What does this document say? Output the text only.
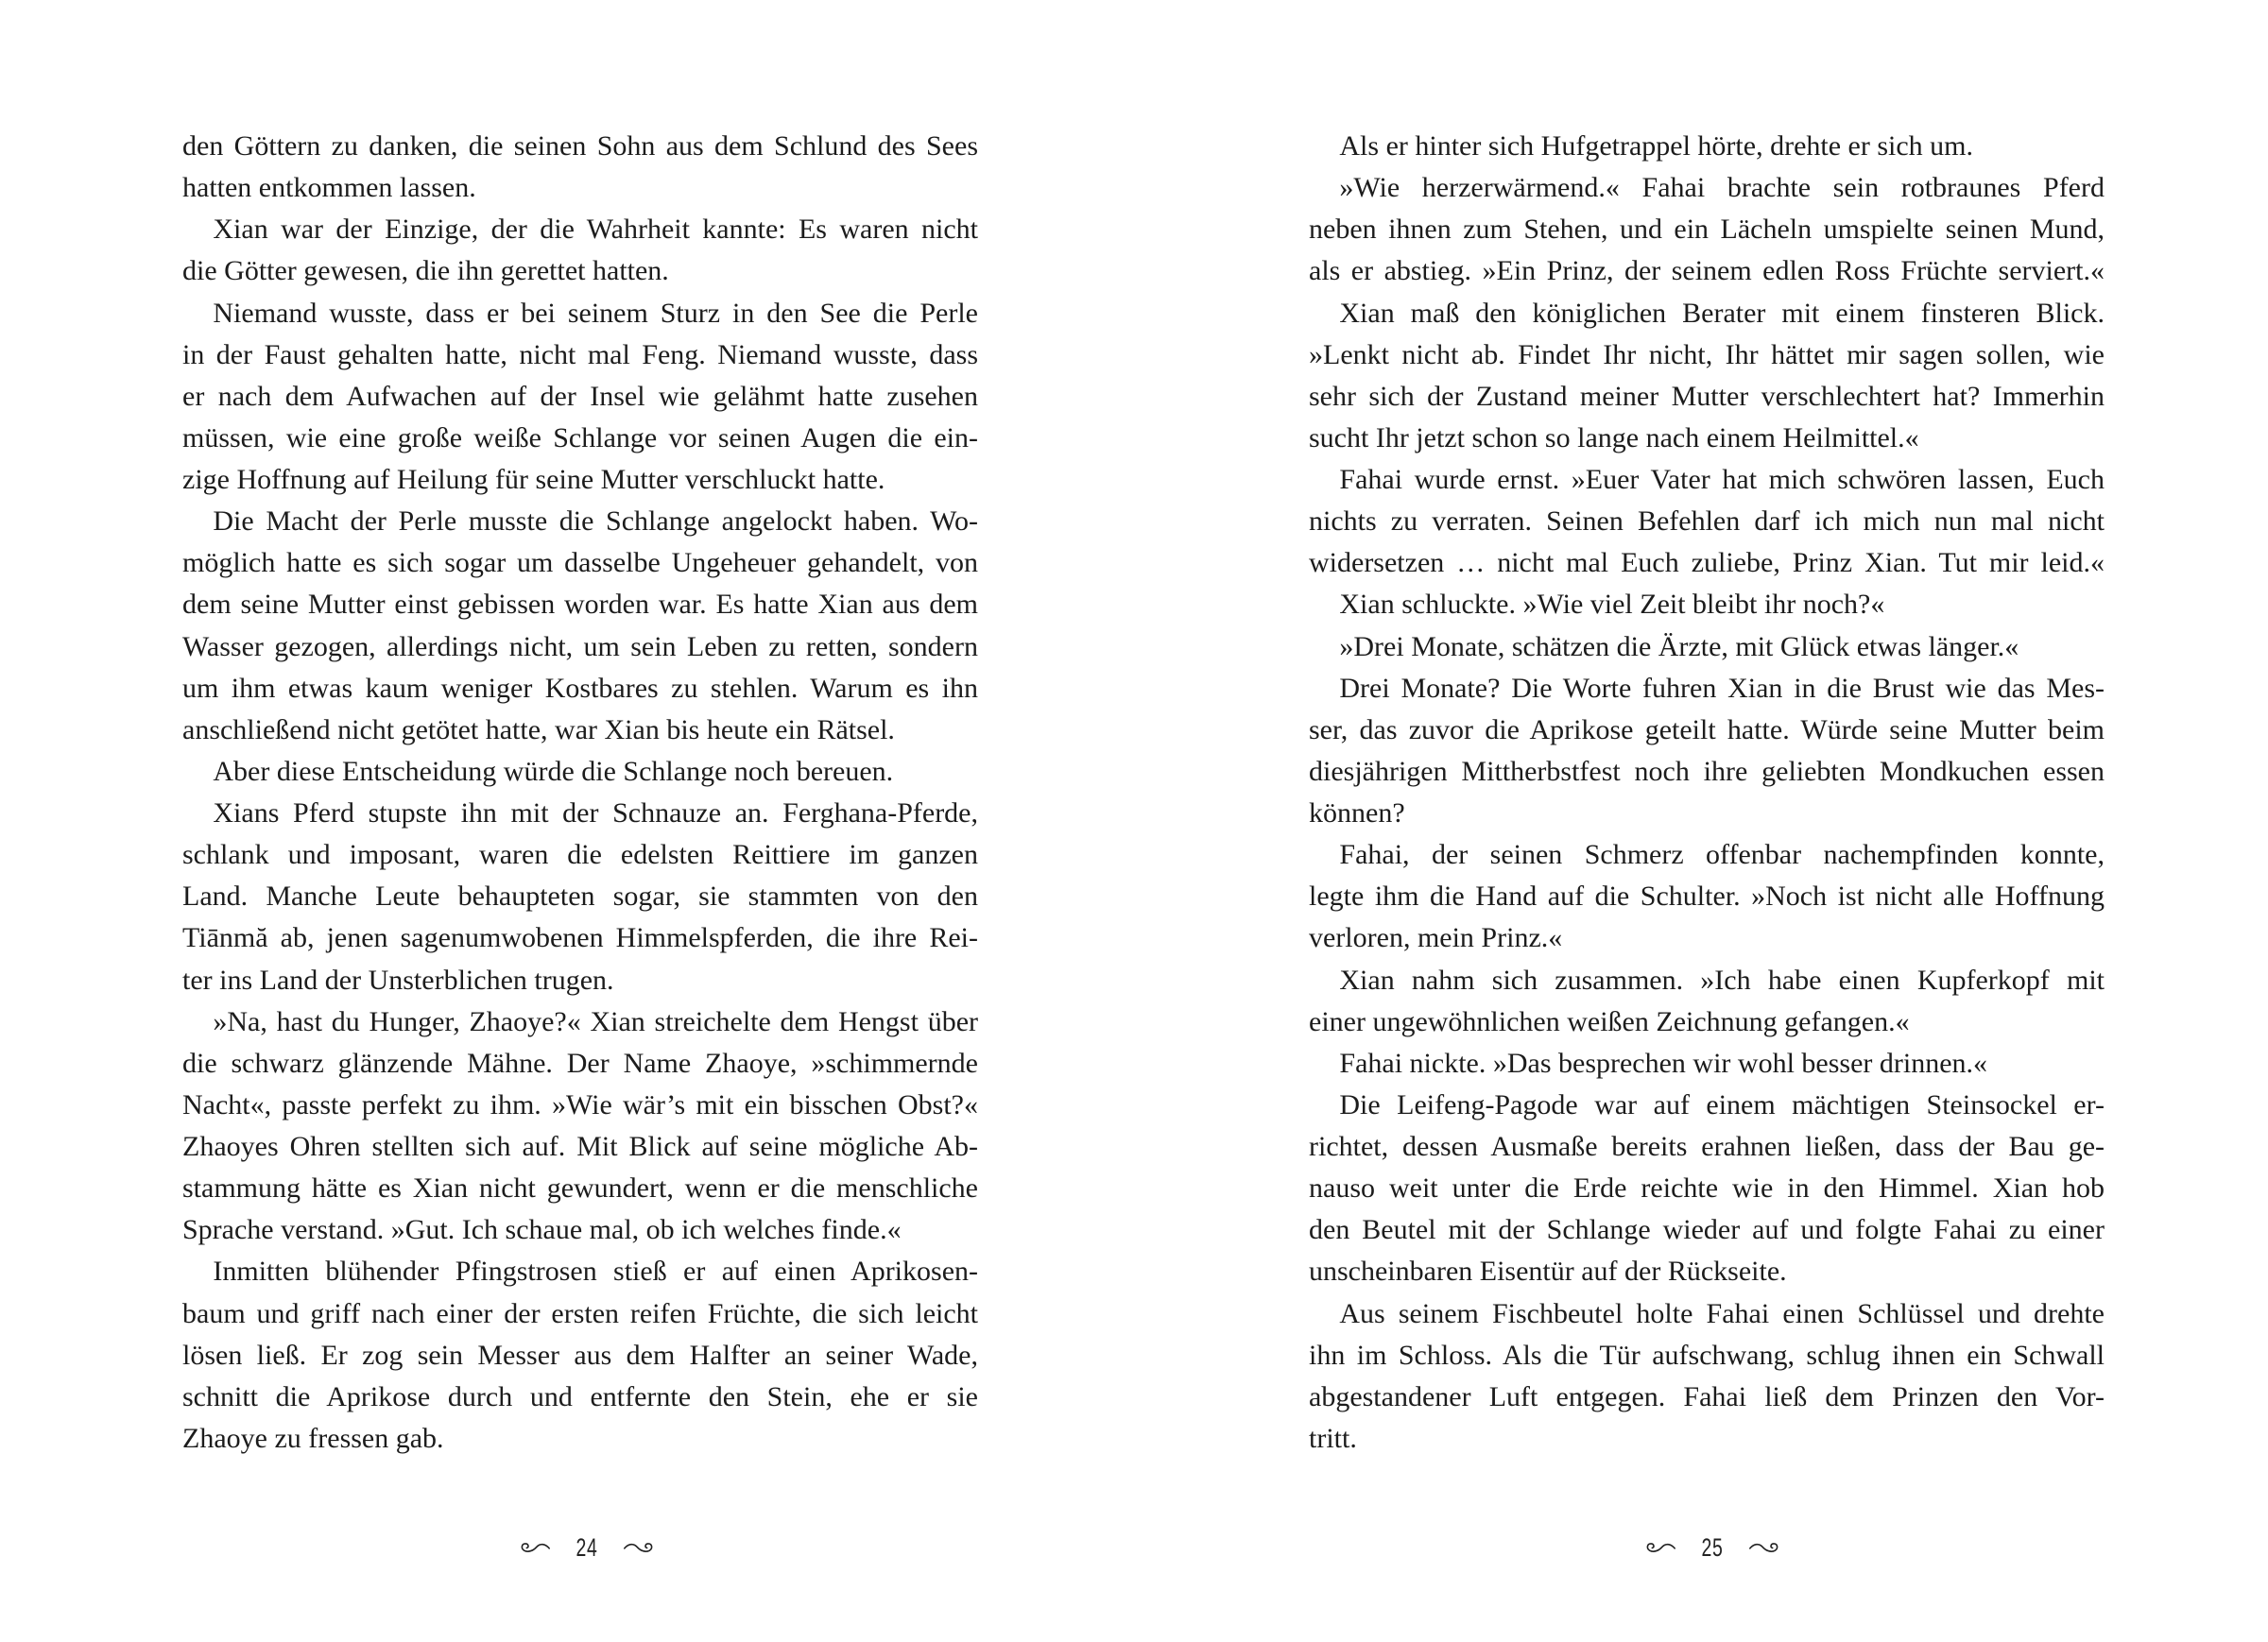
den Göttern zu danken, die seinen Sohn aus dem Schlund des Sees
hatten entkommen lassen.
Xian war der Einzige, der die Wahrheit kannte: Es waren nicht
die Götter gewesen, die ihn gerettet hatten.
Niemand wusste, dass er bei seinem Sturz in den See die Perle
in der Faust gehalten hatte, nicht mal Feng. Niemand wusste, dass
er nach dem Aufwachen auf der Insel wie gelähmt hatte zusehen
müssen, wie eine große weiße Schlange vor seinen Augen die ein-
zige Hoffnung auf Heilung für seine Mutter verschluckt hatte.
Die Macht der Perle musste die Schlange angelockt haben. Wo-
möglich hatte es sich sogar um dasselbe Ungeheuer gehandelt, von
dem seine Mutter einst gebissen worden war. Es hatte Xian aus dem
Wasser gezogen, allerdings nicht, um sein Leben zu retten, sondern
um ihm etwas kaum weniger Kostbares zu stehlen. Warum es ihn
anschließend nicht getötet hatte, war Xian bis heute ein Rätsel.
Aber diese Entscheidung würde die Schlange noch bereuen.
Xians Pferd stupste ihn mit der Schnauze an. Ferghana-Pferde,
schlank und imposant, waren die edelsten Reittiere im ganzen
Land. Manche Leute behaupteten sogar, sie stammten von den
Tiānmă ab, jenen sagenumwobenen Himmelspferden, die ihre Rei-
ter ins Land der Unsterblichen trugen.
»Na, hast du Hunger, Zhaoye?« Xian streichelte dem Hengst über
die schwarz glänzende Mähne. Der Name Zhaoye, »schimmernde
Nacht«, passte perfekt zu ihm. »Wie wär’s mit ein bisschen Obst?«
Zhaoyes Ohren stellten sich auf. Mit Blick auf seine mögliche Ab-
stammung hätte es Xian nicht gewundert, wenn er die menschliche
Sprache verstand. »Gut. Ich schaue mal, ob ich welches finde.«
Inmitten blühender Pfingstrosen stieß er auf einen Aprikosen-
baum und griff nach einer der ersten reifen Früchte, die sich leicht
lösen ließ. Er zog sein Messer aus dem Halfter an seiner Wade,
schnitt die Aprikose durch und entfernte den Stein, ehe er sie
Zhaoye zu fressen gab.
24
Als er hinter sich Hufgetrappel hörte, drehte er sich um.
»Wie herzerwärmend.« Fahai brachte sein rotbraunes Pferd
neben ihnen zum Stehen, und ein Lächeln umspielte seinen Mund,
als er abstieg. »Ein Prinz, der seinem edlen Ross Früchte serviert.«
Xian maß den königlichen Berater mit einem finsteren Blick.
»Lenkt nicht ab. Findet Ihr nicht, Ihr hättet mir sagen sollen, wie
sehr sich der Zustand meiner Mutter verschlechtert hat? Immerhin
sucht Ihr jetzt schon so lange nach einem Heilmittel.«
Fahai wurde ernst. »Euer Vater hat mich schwören lassen, Euch
nichts zu verraten. Seinen Befehlen darf ich mich nun mal nicht
widersetzen … nicht mal Euch zuliebe, Prinz Xian. Tut mir leid.«
Xian schluckte. »Wie viel Zeit bleibt ihr noch?«
»Drei Monate, schätzen die Ärzte, mit Glück etwas länger.«
Drei Monate? Die Worte fuhren Xian in die Brust wie das Mes-
ser, das zuvor die Aprikose geteilt hatte. Würde seine Mutter beim
diesjährigen Mittherbstfest noch ihre geliebten Mondkuchen essen
können?
Fahai, der seinen Schmerz offenbar nachempfinden konnte,
legte ihm die Hand auf die Schulter. »Noch ist nicht alle Hoffnung
verloren, mein Prinz.«
Xian nahm sich zusammen. »Ich habe einen Kupferkopf mit
einer ungewöhnlichen weißen Zeichnung gefangen.«
Fahai nickte. »Das besprechen wir wohl besser drinnen.«
Die Leifeng-Pagode war auf einem mächtigen Steinsockel er-
richtet, dessen Ausmaße bereits erahnen ließen, dass der Bau ge-
nauso weit unter die Erde reichte wie in den Himmel. Xian hob
den Beutel mit der Schlange wieder auf und folgte Fahai zu einer
unscheinbaren Eisentür auf der Rückseite.
Aus seinem Fischbeutel holte Fahai einen Schlüssel und drehte
ihn im Schloss. Als die Tür aufschwang, schlug ihnen ein Schwall
abgestandener Luft entgegen. Fahai ließ dem Prinzen den Vor-
tritt.
25
